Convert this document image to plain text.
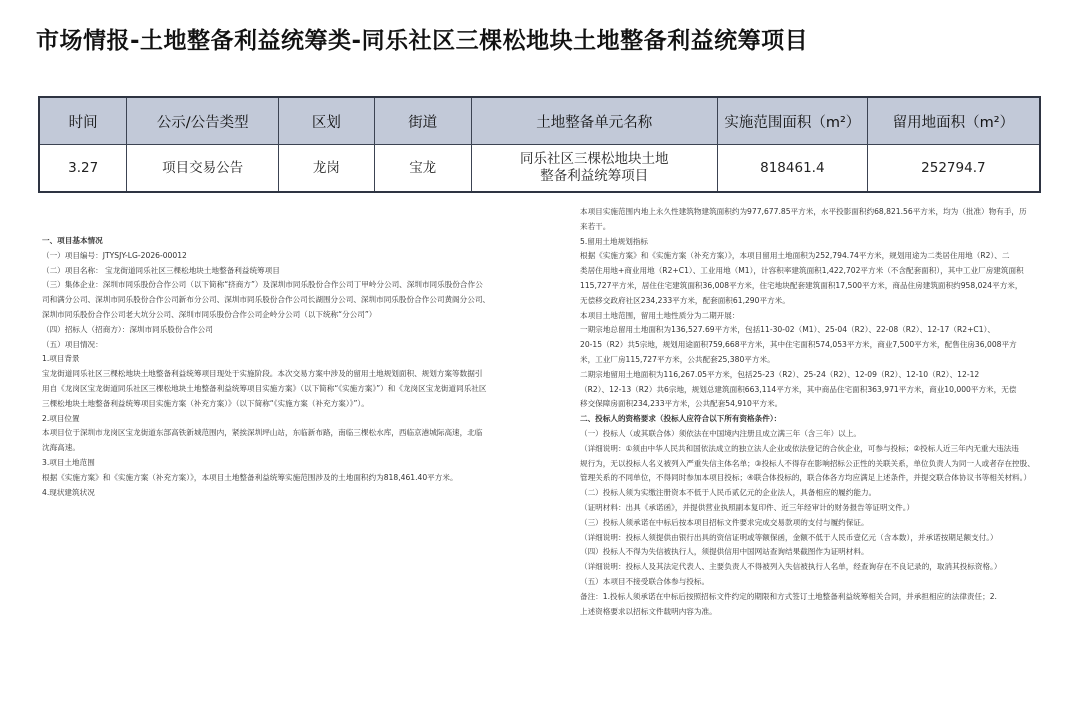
市场情报-土地整备利益统筹类-同乐社区三棵松地块土地整备利益统筹项目
时间	公示/公告类型	区划	街道	土地整备单元名称	实施范围面积（m²）	留用地面积（m²）
3.27	项目交易公告	龙岗	宝龙	同乐社区三棵松地块土地
整备利益统筹项目	818461.4	252794.7

一、项目基本情况

（一）项目编号：JTYSJY-LG-2026-00012

（二）项目名称： 宝龙街道同乐社区三棵松地块土地整备利益统筹项目

（三）集体企业：深圳市同乐股份合作公司（以下简称“挤商方”）及深圳市同乐股份合作公司丁甲岭分公司、深圳市同乐股份合作公

司和满分公司、深圳市同乐股份合作公司新布分公司、深圳市同乐股份合作公司长湖围分公司、深圳市同乐股份合作公司黄阁分公司、

深圳市同乐股份合作公司老大坑分公司、深圳市同乐股份合作公司企岭分公司（以下统称“分公司”）

（四）招标人（招商方）：深圳市同乐股份合作公司

（五）项目情况：

1.项目背景

宝龙街道同乐社区三棵松地块土地整备利益统筹项目现处于实施阶段。本次交易方案中涉及的留用土地规划面积、规划方案等数据引

用自《龙岗区宝龙街道同乐社区三棵松地块土地整备利益统筹项目实施方案》（以下简称“《实施方案》”）和《龙岗区宝龙街道同乐社区

三棵松地块土地整备利益统筹项目实施方案（补充方案）》（以下简称“《实施方案（补充方案）》”）。

2.项目位置

本项目位于深圳市龙岗区宝龙街道东部高铁新城范围内，紧挨深圳坪山站，东临新布路，南临三棵松水库，西临京港城际高速，北临

沈海高速。

3.项目土地范围

根据《实施方案》和《实施方案（补充方案）》，本项目土地整备利益统筹实施范围涉及的土地面积约为818,461.40平方米。

4.现状建筑状况

本项目实施范围内地上永久性建筑物建筑面积约为977,677.85平方米，水平投影面积约68,821.56平方米，均为（批准）物有手，历

来若干。

5.留用土地规划指标

根据《实施方案》和《实施方案（补充方案）》，本项目留用土地面积为252,794.74平方米，规划用途为二类居住用地（R2）、二

类居住用地+商业用地（R2+C1）、工业用地（M1），计容积率建筑面积1,422,702平方米（不含配套面积），其中工业厂房建筑面积

115,727平方米，居住住宅建筑面积36,008平方米，住宅地块配套建筑面积17,500平方米，商品住房建筑面积约958,024平方米，

无偿移交政府社区234,233平方米，配套面积61,290平方米。

本项目土地范围，留用土地性质分为二期开展：

一期宗地总留用土地面积为136,527.69平方米，包括11-30-02（M1）、25-04（R2）、22-08（R2）、12-17（R2+C1）、

20-15（R2）共5宗地，规划用途面积759,668平方米，其中住宅面积574,053平方米，商业7,500平方米，配售住房36,008平方

米，工业厂房115,727平方米，公共配套25,380平方米。

二期宗地留用土地面积为116,267.05平方米，包括25-23（R2）、25-24（R2）、12-09（R2）、12-10（R2）、12-12

（R2）、12-13（R2）共6宗地，规划总建筑面积663,114平方米，其中商品住宅面积363,971平方米，商业10,000平方米，无偿

移交保障房面积234,233平方米，公共配套54,910平方米。

二、投标人的资格要求（投标人应符合以下所有资格条件）：

（一）投标人（或其联合体）须依法在中国境内注册且成立满三年（含三年）以上。

（详细说明：①须由中华人民共和国依法成立的独立法人企业或依法登记的合伙企业，可参与投标；②投标人近三年内无重大违法违

规行为，无以投标人名义被列入严重失信主体名单；③投标人不得存在影响招标公正性的关联关系，单位负责人为同一人或者存在控股、

管理关系的不同单位，不得同时参加本项目投标；④联合体投标的，联合体各方均应满足上述条件，并提交联合体协议书等相关材料。）

（二）投标人须为实缴注册资本不低于人民币贰亿元的企业法人，具备相应的履约能力。

（证明材料：出具《承诺函》，并提供营业执照副本复印件、近三年经审计的财务报告等证明文件。）

（三）投标人须承诺在中标后按本项目招标文件要求完成交易款项的支付与履约保证。

（详细说明：投标人须提供由银行出具的资信证明或等额保函，金额不低于人民币壹亿元（含本数），并承诺按期足额支付。）

（四）投标人不得为失信被执行人，须提供信用中国网站查询结果截图作为证明材料。

（详细说明：投标人及其法定代表人、主要负责人不得被列入失信被执行人名单，经查询存在不良记录的，取消其投标资格。）

（五）本项目不接受联合体参与投标。

备注：1.投标人须承诺在中标后按照招标文件约定的期限和方式签订土地整备利益统筹相关合同，并承担相应的法律责任；2.

上述资格要求以招标文件载明内容为准。
